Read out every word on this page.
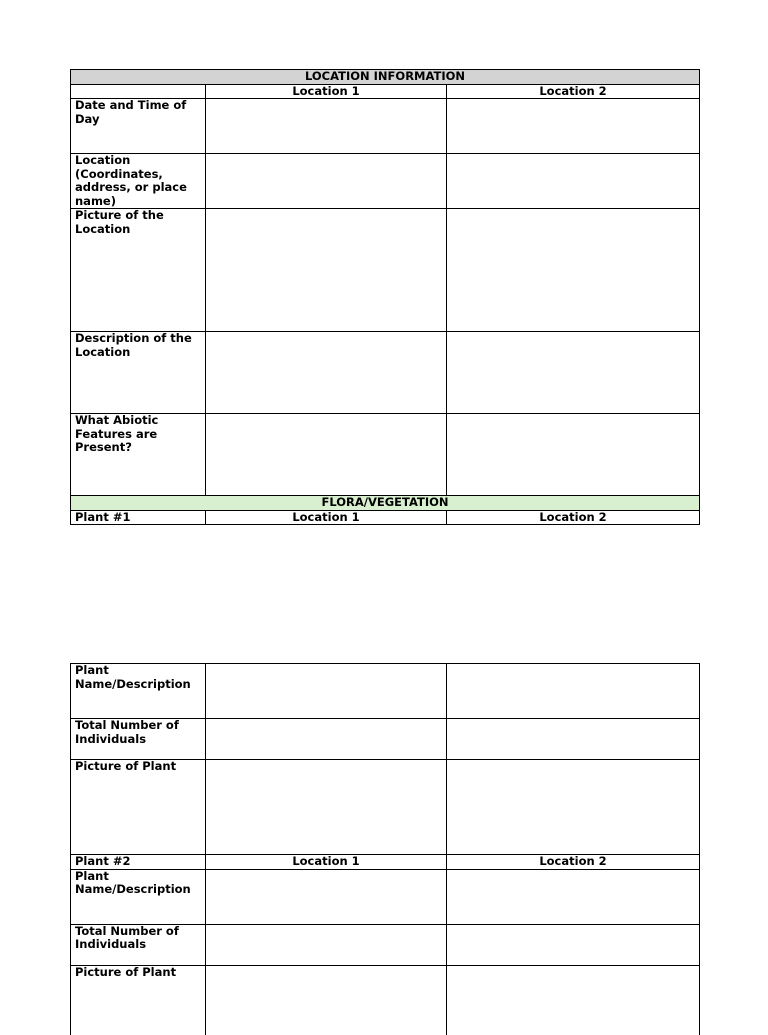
LOCATION INFORMATION		
	Location 1	Location 2
Date and Time of Day		
Location (Coordinates, address, or place name)		
Picture of the Location		
Description of the Location		
What Abiotic Features are Present?		
FLORA/VEGETATION		
Plant #1	Location 1	Location 2
Plant Name/Description		
Total Number of Individuals		
Picture of Plant		
Plant #2	Location 1	Location 2
Plant Name/Description		
Total Number of Individuals		
Picture of Plant		
